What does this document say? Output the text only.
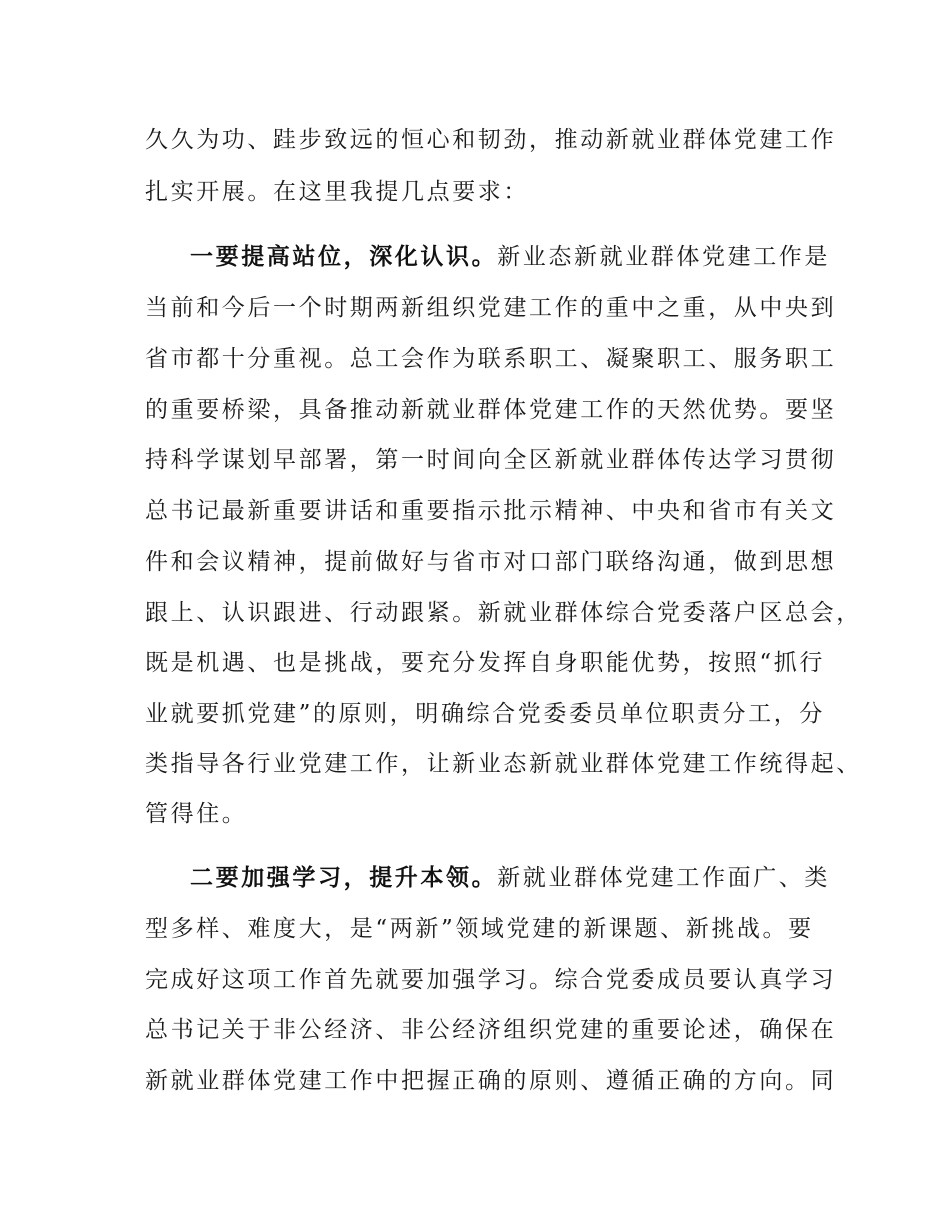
久久为功、跬步致远的恒心和韧劲，推动新就业群体党建工作
扎实开展。在这里我提几点要求：
一要提高站位，深化认识。新业态新就业群体党建工作是
当前和今后一个时期两新组织党建工作的重中之重，从中央到
省市都十分重视。总工会作为联系职工、凝聚职工、服务职工
的重要桥梁，具备推动新就业群体党建工作的天然优势。要坚
持科学谋划早部署，第一时间向全区新就业群体传达学习贯彻
总书记最新重要讲话和重要指示批示精神、中央和省市有关文
件和会议精神，提前做好与省市对口部门联络沟通，做到思想
跟上、认识跟进、行动跟紧。新就业群体综合党委落户区总会，
既是机遇、也是挑战，要充分发挥自身职能优势，按照“抓行
业就要抓党建”的原则，明确综合党委委员单位职责分工，分
类指导各行业党建工作，让新业态新就业群体党建工作统得起、
管得住。
二要加强学习，提升本领。新就业群体党建工作面广、类
型多样、难度大，是“两新”领域党建的新课题、新挑战。要
完成好这项工作首先就要加强学习。综合党委成员要认真学习
总书记关于非公经济、非公经济组织党建的重要论述，确保在
新就业群体党建工作中把握正确的原则、遵循正确的方向。同
